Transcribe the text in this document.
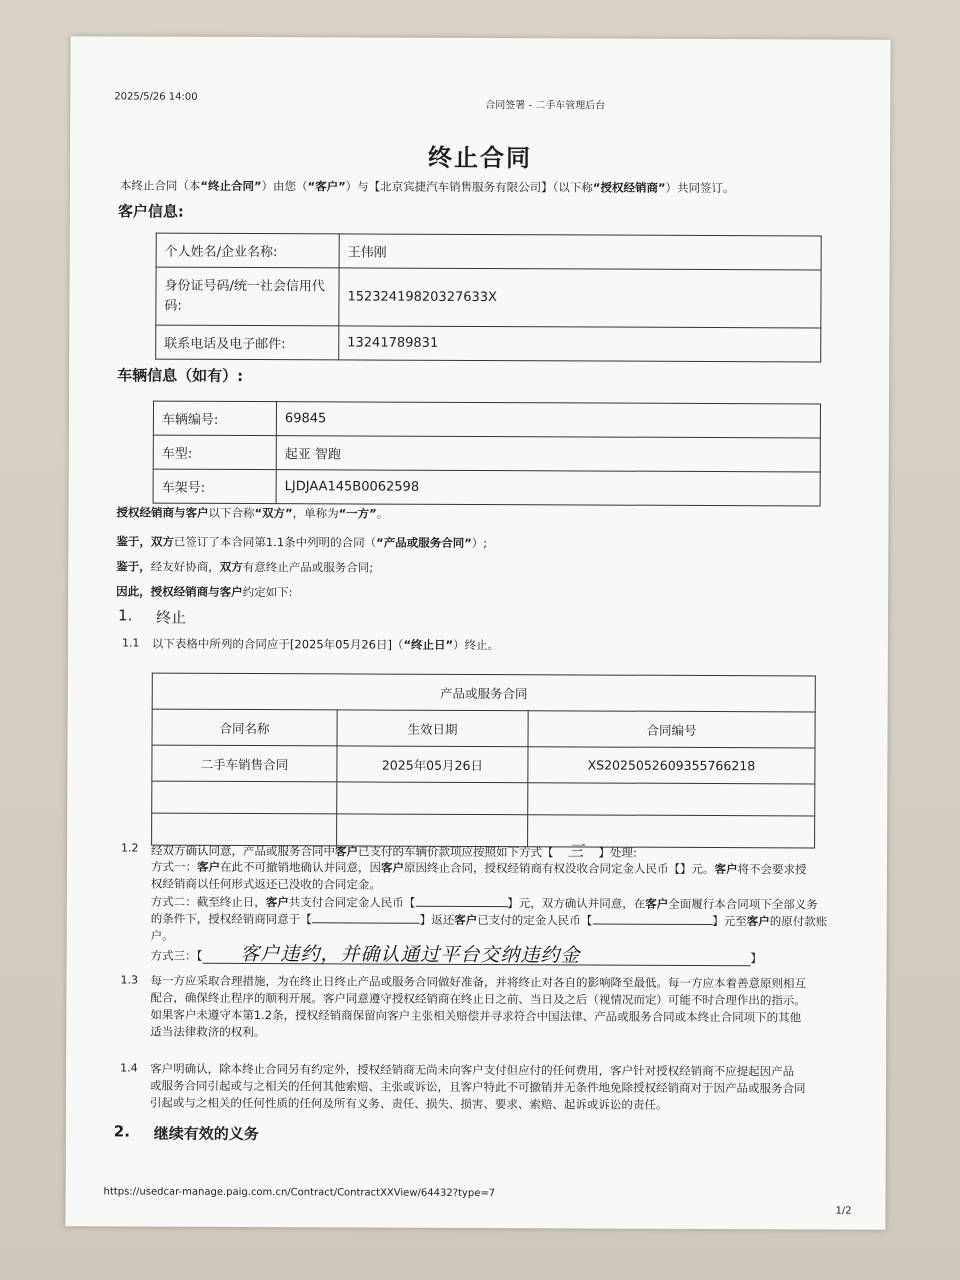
2025/5/26 14:00
合同签署 - 二手车管理后台
终止合同
本终止合同（本“终止合同”）由您（“客户”）与【北京宾捷汽车销售服务有限公司】（以下称“授权经销商”）共同签订。
客户信息:
个人姓名/企业名称:	王伟刚
身份证号码/统一社会信用代码:	15232419820327633X
联系电话及电子邮件:	13241789831
车辆信息（如有）:
车辆编号:	69845
车型:	起亚 智跑
车架号:	LJDJAA145B0062598
授权经销商与客户以下合称“双方”，单称为“一方”。
鉴于，双方已签订了本合同第1.1条中列明的合同（“产品或服务合同”）;
鉴于，经友好协商，双方有意终止产品或服务合同;
因此，授权经销商与客户约定如下:
1. 终止
1.1 以下表格中所列的合同应于[2025年05月26日]（“终止日”）终止。
产品或服务合同		
合同名称	生效日期	合同编号
二手车销售合同	2025年05月26日	XS2025052609355766218

1.2 经双方确认同意，产品或服务合同中客户已支付的车辆价款项应按照如下方式【 三 】处理:
方式一：客户在此不可撤销地确认并同意，因客户原因终止合同，授权经销商有权没收合同定金人民币【】元。客户将不会要求授
权经销商以任何形式返还已没收的合同定金。
方式二：截至终止日，客户共支付合同定金人民币【	】元，双方确认并同意，在客户全面履行本合同项下全部义务
的条件下，授权经销商同意于【	】返还客户已支付的定金人民币【	】元至客户的原付款账
户。
方式三：【 客户违约，并确认通过平台交纳违约金	】
1.3 每一方应采取合理措施，为在终止日终止产品或服务合同做好准备，并将终止对各自的影响降至最低。每一方应本着善意原则相互
配合，确保终止程序的顺利开展。客户同意遵守授权经销商在终止日之前、当日及之后（视情况而定）可能不时合理作出的指示。
如果客户未遵守本第1.2条，授权经销商保留向客户主张相关赔偿并寻求符合中国法律、产品或服务合同或本终止合同项下的其他
适当法律救济的权利。
1.4 客户明确认，除本终止合同另有约定外，授权经销商无尚未向客户支付但应付的任何费用，客户针对授权经销商不应提起因产品
或服务合同引起或与之相关的任何其他索赔、主张或诉讼，且客户特此不可撤销并无条件地免除授权经销商对于因产品或服务合同
引起或与之相关的任何性质的任何及所有义务、责任、损失、损害、要求、索赔、起诉或诉讼的责任。
2. 继续有效的义务
https://usedcar-manage.paig.com.cn/Contract/ContractXXView/64432?type=7
1/2
